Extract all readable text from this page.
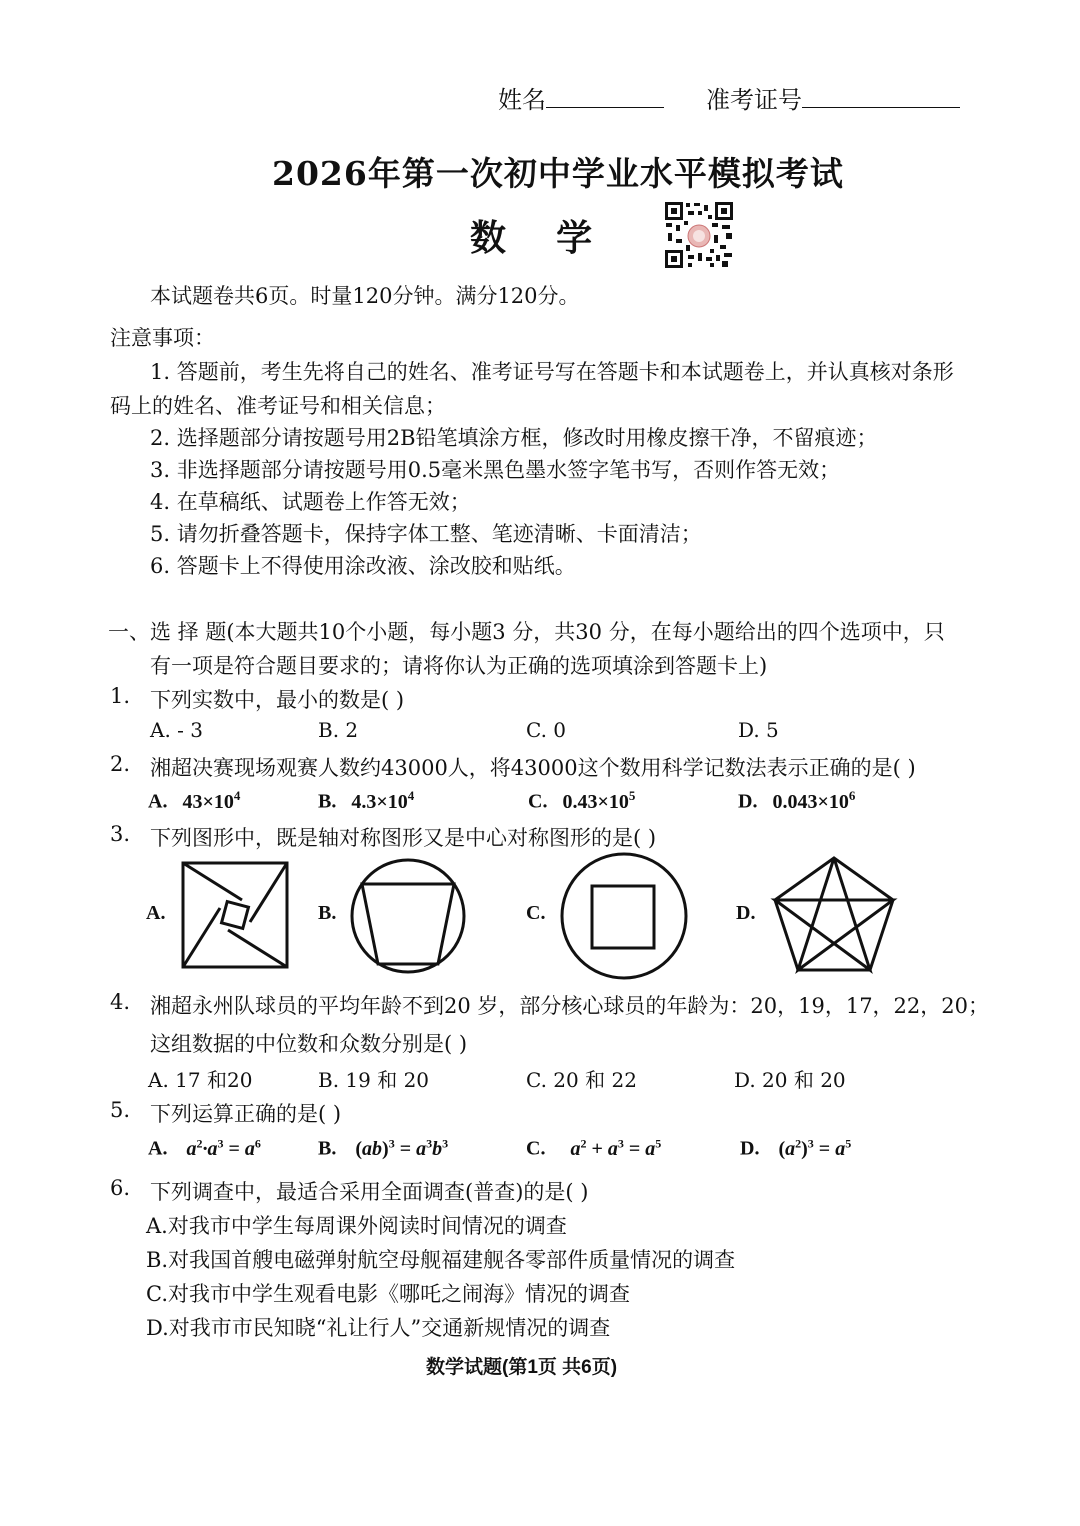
姓名	准考证号
2026年第一次初中学业水平模拟考试
数    学
本试题卷共6页。时量120分钟。满分120分。
注意事项：
1. 答题前，考生先将自己的姓名、准考证号写在答题卡和本试题卷上，并认真核对条形
码上的姓名、准考证号和相关信息；
2. 选择题部分请按题号用2B铅笔填涂方框，修改时用橡皮擦干净，不留痕迹；
3. 非选择题部分请按题号用0.5毫米黑色墨水签字笔书写，否则作答无效；
4. 在草稿纸、试题卷上作答无效；
5. 请勿折叠答题卡，保持字体工整、笔迹清晰、卡面清洁；
6. 答题卡上不得使用涂改液、涂改胶和贴纸。
一、选 择 题(本大题共10个小题，每小题3 分，共30 分，在每小题给出的四个选项中，只
有一项是符合题目要求的；请将你认为正确的选项填涂到答题卡上)
1. 下列实数中，最小的数是( )
A. - 3	B. 2	C. 0	D. 5
2. 湘超决赛现场观赛人数约43000人，将43000这个数用科学记数法表示正确的是( )
A. $43\times 10^4$	B. $4.3\times 10^4$	C. $0.43\times 10^5$	D. $0.043\times 10^6$
3. 下列图形中，既是轴对称图形又是中心对称图形的是( )
A.	B.	C.	D.
4. 湘超永州队球员的平均年龄不到20 岁，部分核心球员的年龄为：20，19，17，22，20；
这组数据的中位数和众数分别是( )
A. 17 和20	B. 19 和 20	C. 20 和 22	D. 20 和 20
5. 下列运算正确的是( )
A. $a^2\cdot a^3 = a^6$	B. $(ab)^3 = a^3b^3$	C. $a^2 + a^3 = a^5$	D. $(a^2)^3 = a^5$
6. 下列调查中，最适合采用全面调查(普查)的是( )
A.对我市中学生每周课外阅读时间情况的调查
B.对我国首艘电磁弹射航空母舰福建舰各零部件质量情况的调查
C.对我市中学生观看电影《哪吒之闹海》情况的调查
D.对我市市民知晓“礼让行人”交通新规情况的调查
数学试题(第1页 共6页)
